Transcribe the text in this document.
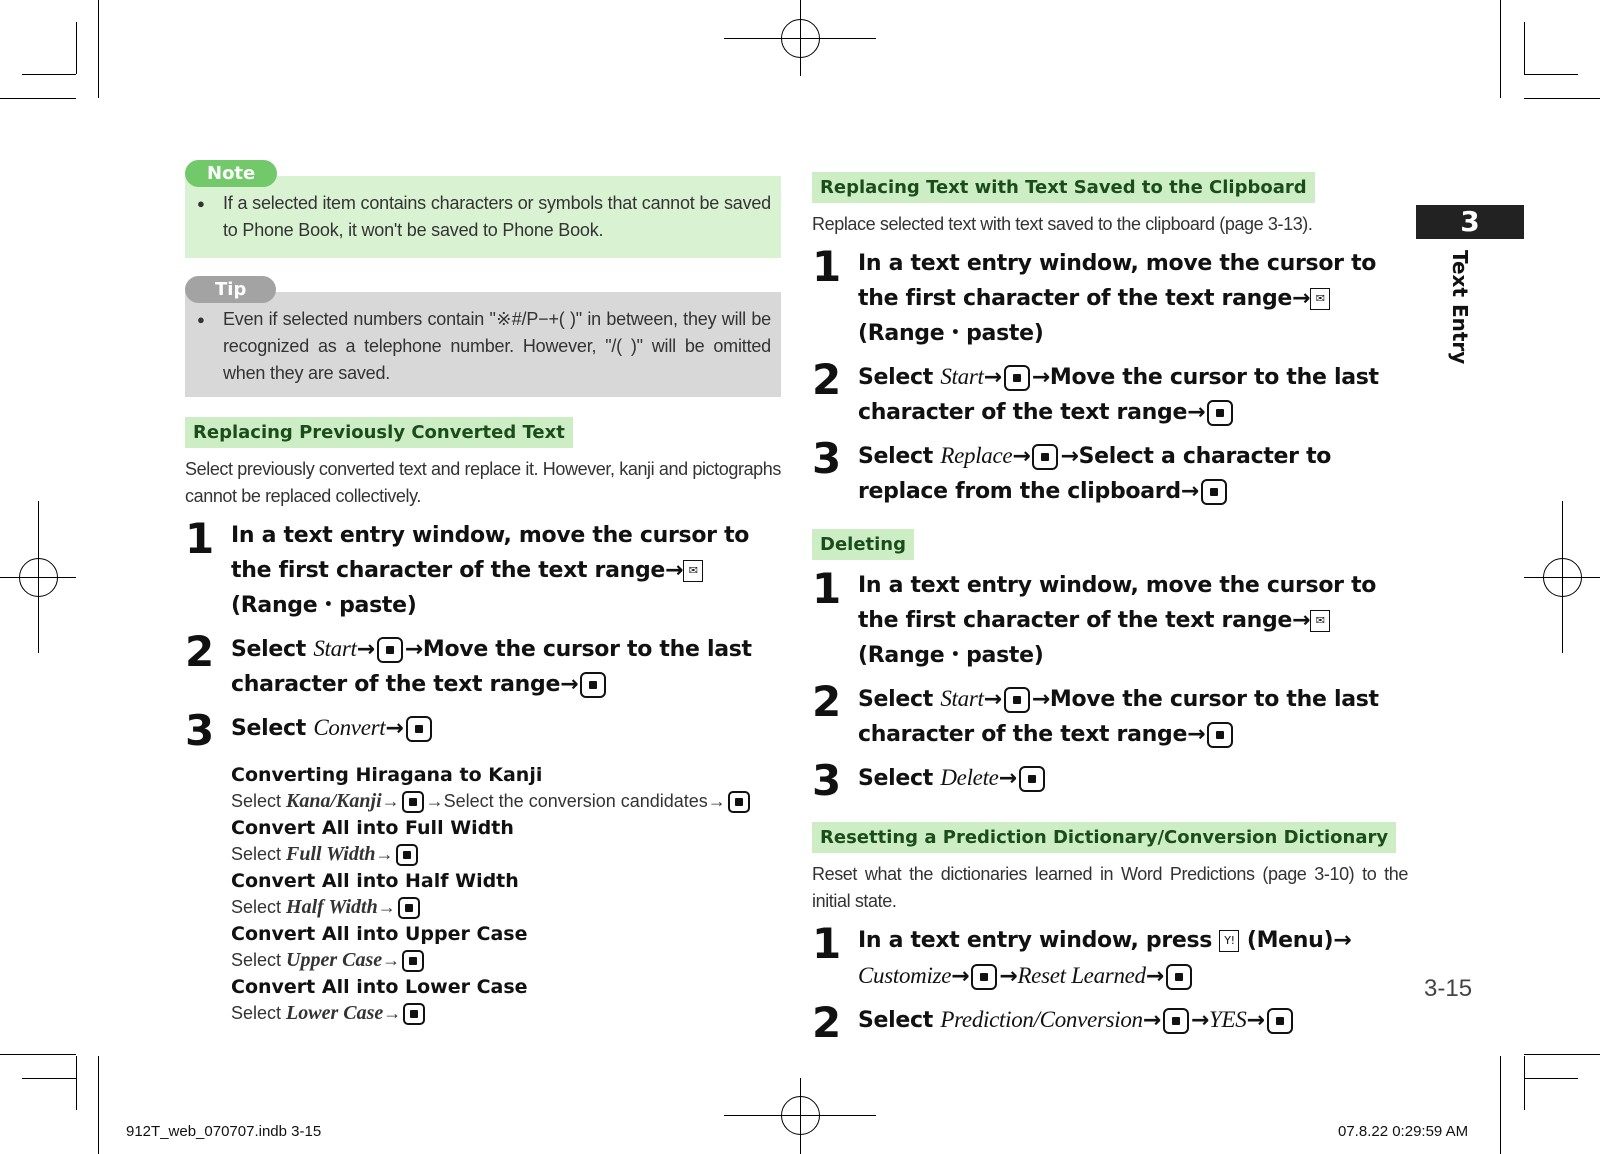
Note
●	If a selected item contains characters or symbols that cannot be saved to Phone Book, it won't be saved to Phone Book.
Tip
●	Even if selected numbers contain "※#/P−+( )" in between, they will be recognized as a telephone number. However, "/( )" will be omitted when they are saved.
Replacing Previously Converted Text
Select previously converted text and replace it. However, kanji and pictographs cannot be replaced collectively.
1 In a text entry window, move the cursor to the first character of the text range→ ✉ (Range・paste)
2 Select Start→ →Move the cursor to the last character of the text range→
3 Select Convert→
Converting Hiragana to Kanji
Select Kana/Kanji→ →Select the conversion candidates→
Convert All into Full Width
Select Full Width→
Convert All into Half Width
Select Half Width→
Convert All into Upper Case
Select Upper Case→
Convert All into Lower Case
Select Lower Case→
Replacing Text with Text Saved to the Clipboard
Replace selected text with text saved to the clipboard (page 3-13).
1 In a text entry window, move the cursor to the first character of the text range→ ✉ (Range・paste)
2 Select Start→ →Move the cursor to the last character of the text range→
3 Select Replace→ →Select a character to replace from the clipboard→
Deleting
1 In a text entry window, move the cursor to the first character of the text range→ ✉ (Range・paste)
2 Select Start→ →Move the cursor to the last character of the text range→
3 Select Delete→
Resetting a Prediction Dictionary/Conversion Dictionary
Reset what the dictionaries learned in Word Predictions (page 3-10) to the initial state.
1 In a text entry window, press Y! (Menu)→
Customize→ →Reset Learned→
2 Select Prediction/Conversion→ →YES→
3
Text Entry
3-15
912T_web_070707.indb 3-15	07.8.22 0:29:59 AM
